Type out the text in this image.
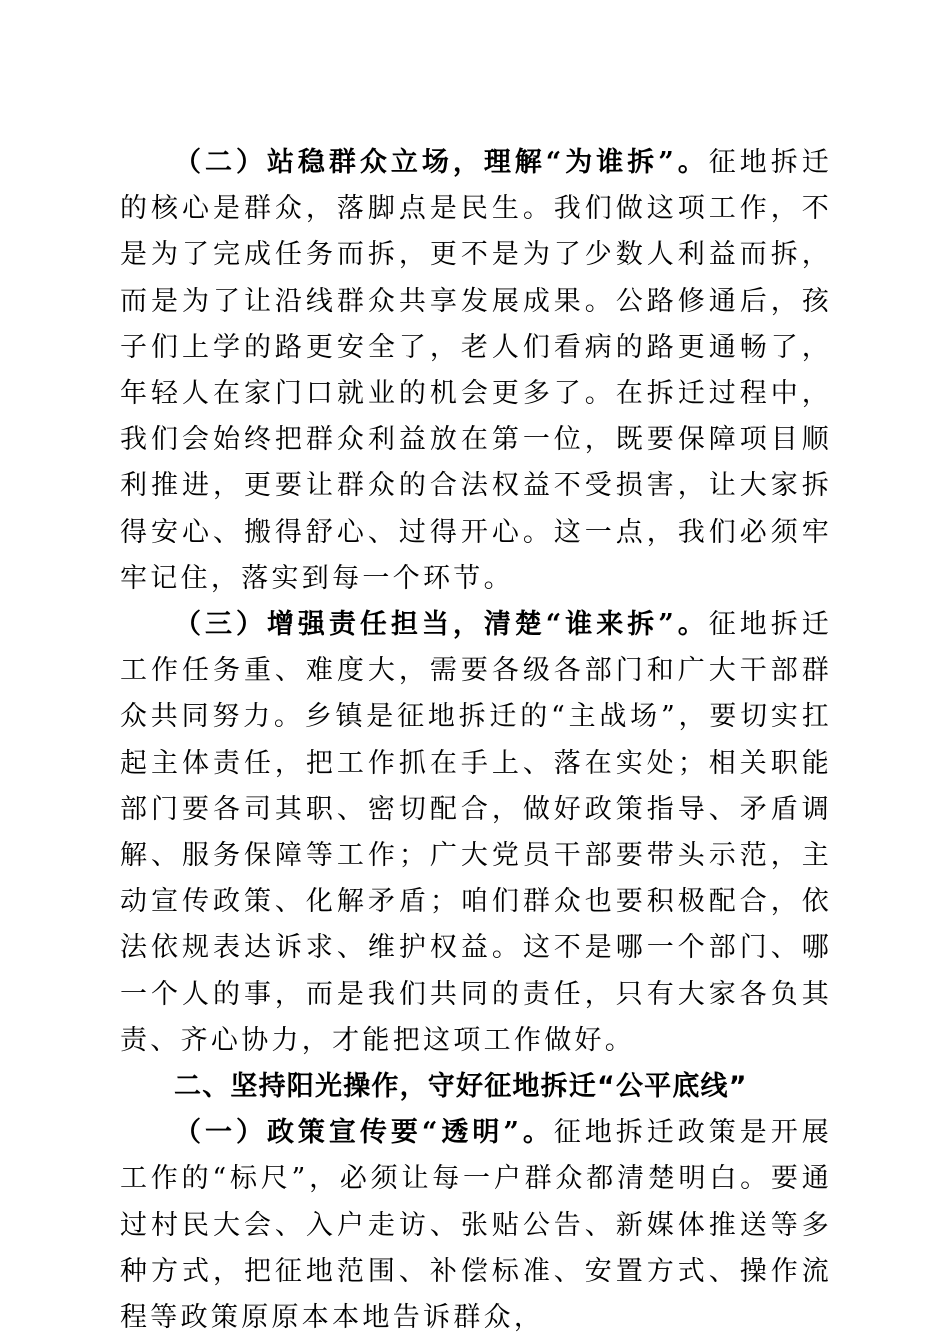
（二）站稳群众立场，理解“为谁拆”。征地拆迁的核心是群众，落脚点是民生。我们做这项工作，不是为了完成任务而拆，更不是为了少数人利益而拆，而是为了让沿线群众共享发展成果。公路修通后，孩子们上学的路更安全了，老人们看病的路更通畅了，年轻人在家门口就业的机会更多了。在拆迁过程中，我们会始终把群众利益放在第一位，既要保障项目顺利推进，更要让群众的合法权益不受损害，让大家拆得安心、搬得舒心、过得开心。这一点，我们必须牢牢记住，落实到每一个环节。

（三）增强责任担当，清楚“谁来拆”。征地拆迁工作任务重、难度大，需要各级各部门和广大干部群众共同努力。乡镇是征地拆迁的“主战场”，要切实扛起主体责任，把工作抓在手上、落在实处；相关职能部门要各司其职、密切配合，做好政策指导、矛盾调解、服务保障等工作；广大党员干部要带头示范，主动宣传政策、化解矛盾；咱们群众也要积极配合，依法依规表达诉求、维护权益。这不是哪一个部门、哪一个人的事，而是我们共同的责任，只有大家各负其责、齐心协力，才能把这项工作做好。

二、坚持阳光操作，守好征地拆迁“公平底线”

（一）政策宣传要“透明”。征地拆迁政策是开展工作的“标尺”，必须让每一户群众都清楚明白。要通过村民大会、入户走访、张贴公告、新媒体推送等多种方式，把征地范围、补偿标准、安置方式、操作流程等政策原原本本地告诉群众，
